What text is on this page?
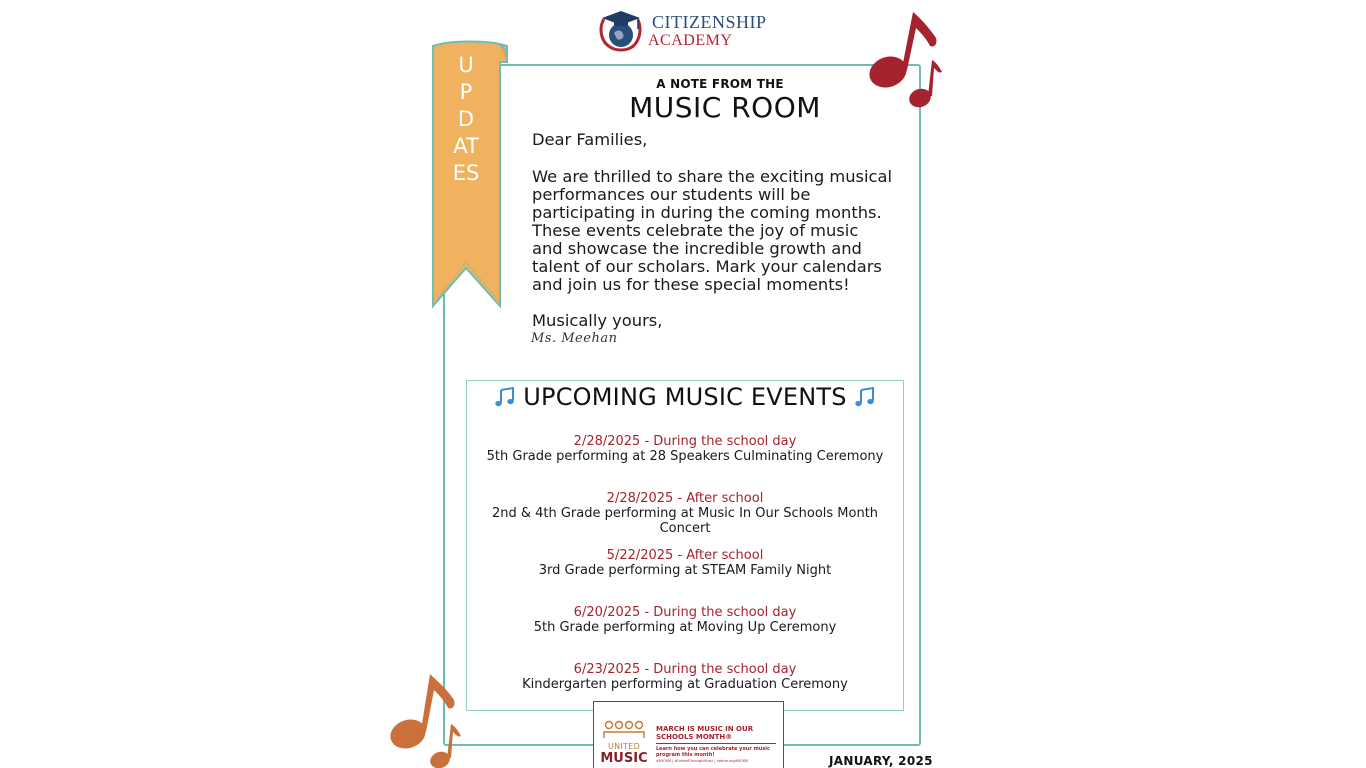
CITIZENSHIP
ACADEMY
UPDATES
A NOTE FROM THE
MUSIC ROOM
Dear Families,
We are thrilled to share the exciting musical performances our students will be participating in during the coming months. These events celebrate the joy of music and showcase the incredible growth and talent of our scholars. Mark your calendars and join us for these special moments!
Musically yours,
Ms. Meehan
UPCOMING MUSIC EVENTS
2/28/2025 - During the school day
5th Grade performing at 28 Speakers Culminating Ceremony
2/28/2025 - After school
2nd & 4th Grade performing at Music In Our Schools Month Concert
5/22/2025 - After school
3rd Grade performing at STEAM Family Night
6/20/2025 - During the school day
5th Grade performing at Moving Up Ceremony
6/23/2025 - During the school day
Kindergarten performing at Graduation Ceremony
UNITED
MUSIC
MARCH IS MUSIC IN OUR SCHOOLS MONTH®
Learn how you can celebrate your music program this month!
#MIOSM | #UnitedThroughMusic | nafme.org/MIOSM	JANUARY, 2025
